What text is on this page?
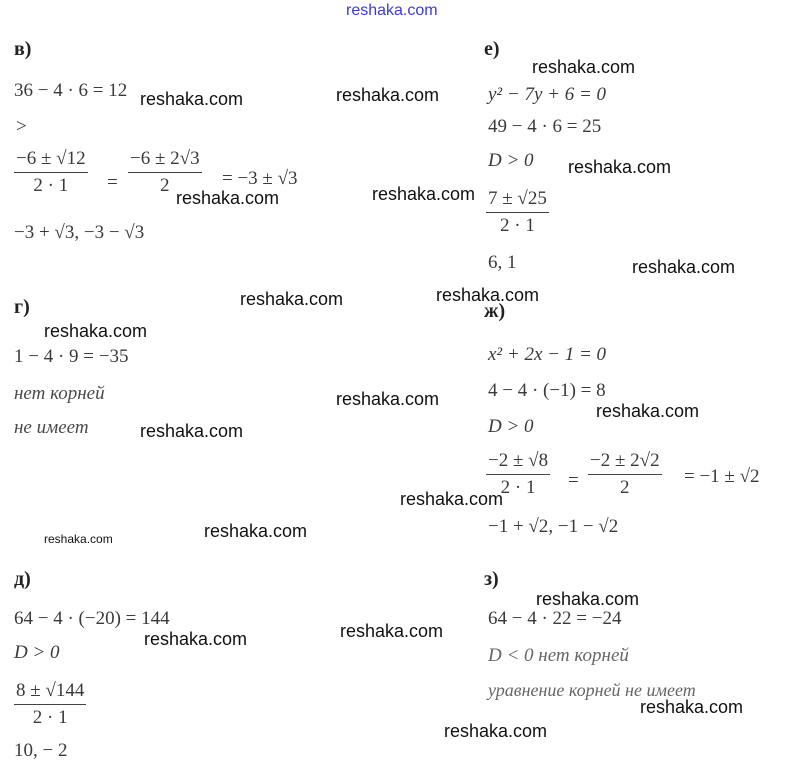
reshaka.com
в)
36 − 4 · 6 = 12
>
$\frac{-6 \pm √12}{2 \cdot 1} = \frac{-6 \pm 2√3}{2} = -3 \pm √3$
−3 + √3, −3 − √3
г)
1 − 4 · 9 = −35
нет корней
не имеет
д)
64 − 4 · (−20) = 144
D > 0
$\frac{8 \pm √144}{2 \cdot 1}$
10, − 2
е)
y² − 7y + 6 = 0
49 − 4 · 6 = 25
D > 0
$\frac{7 \pm √25}{2 \cdot 1}$
6, 1
ж)
x² + 2x − 1 = 0
4 − 4 · (−1) = 8
D > 0
$\frac{-2 \pm √8}{2 \cdot 1} = \frac{-2 \pm 2√2}{2} = -1 \pm √2$
−1 + √2, −1 − √2
з)
64 − 4 · 22 = −24
D < 0 нет корней
уравнение корней не имеет
reshaka.com	reshaka.com
reshaka.com
reshaka.com
reshaka.com	reshaka.com
reshaka.com
reshaka.com	reshaka.com
reshaka.com
reshaka.com
reshaka.com
reshaka.com
reshaka.com
reshaka.com
reshaka.com
reshaka.com
reshaka.com
reshaka.com
reshaka.com
reshaka.com
